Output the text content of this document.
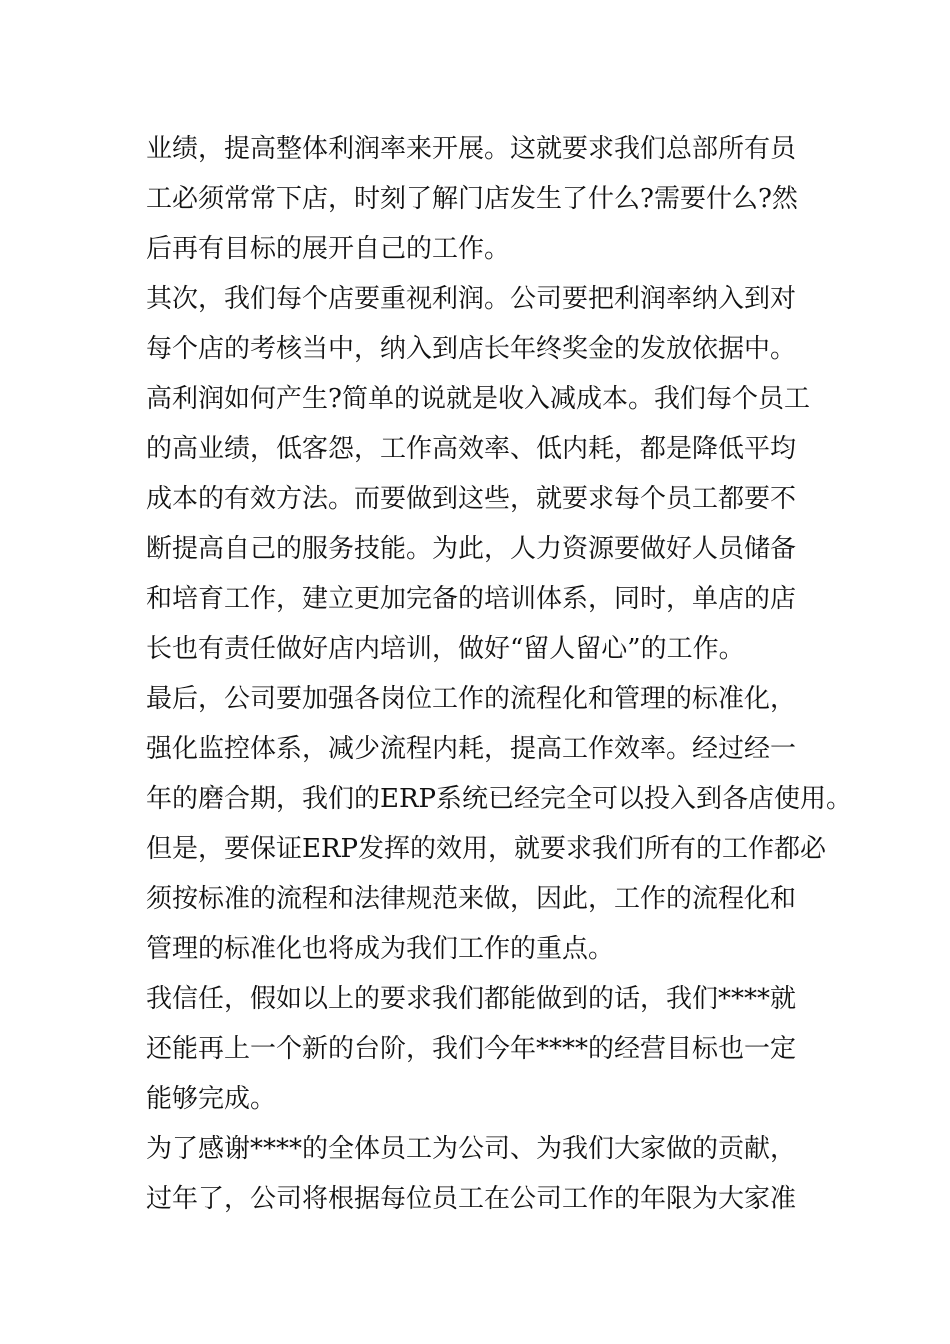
业绩，提高整体利润率来开展。这就要求我们总部所有员
工必须常常下店，时刻了解门店发生了什么?需要什么?然
后再有目标的展开自己的工作。
其次，我们每个店要重视利润。公司要把利润率纳入到对
每个店的考核当中，纳入到店长年终奖金的发放依据中。
高利润如何产生?简单的说就是收入减成本。我们每个员工
的高业绩，低客怨，工作高效率、低内耗，都是降低平均
成本的有效方法。而要做到这些，就要求每个员工都要不
断提高自己的服务技能。为此，人力资源要做好人员储备
和培育工作，建立更加完备的培训体系，同时，单店的店
长也有责任做好店内培训，做好“留人留心”的工作。
最后，公司要加强各岗位工作的流程化和管理的标准化，
强化监控体系，减少流程内耗，提高工作效率。经过经一
年的磨合期，我们的ERP系统已经完全可以投入到各店使用。
但是，要保证ERP发挥的效用，就要求我们所有的工作都必
须按标准的流程和法律规范来做，因此，工作的流程化和
管理的标准化也将成为我们工作的重点。
我信任，假如以上的要求我们都能做到的话，我们****就
还能再上一个新的台阶，我们今年****的经营目标也一定
能够完成。
为了感谢****的全体员工为公司、为我们大家做的贡献，
过年了，公司将根据每位员工在公司工作的年限为大家准
